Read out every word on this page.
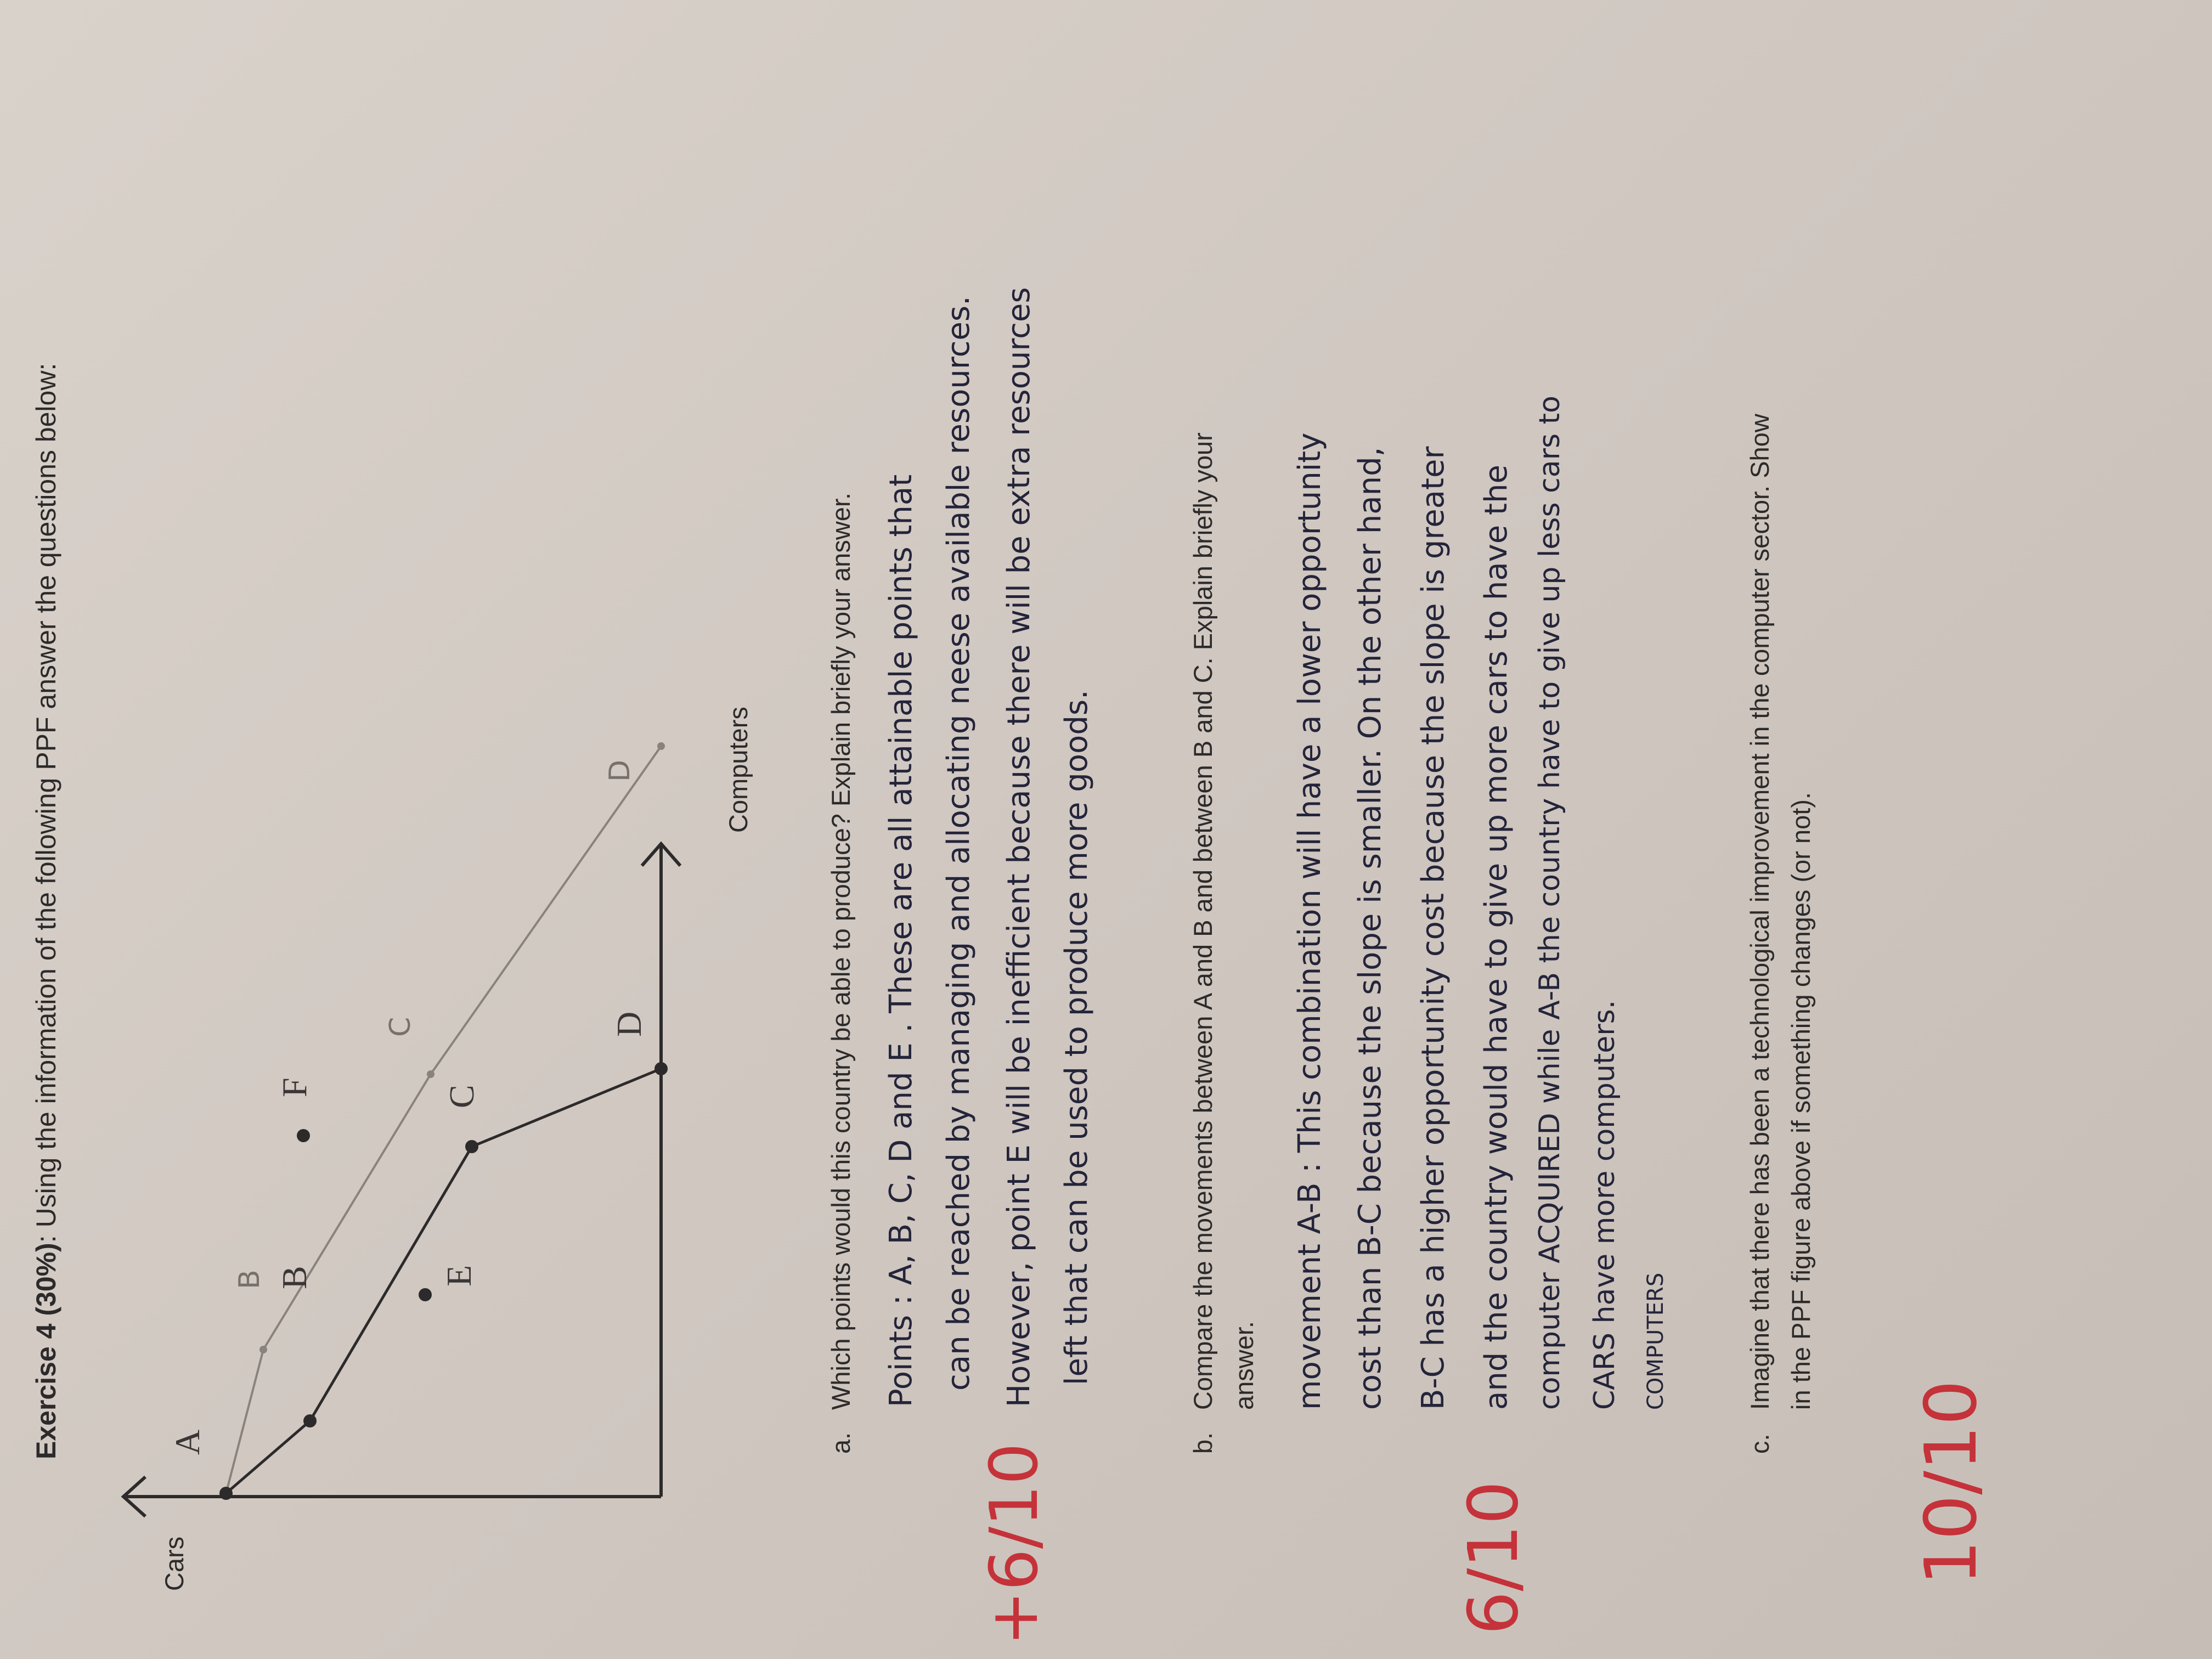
Exercise 4 (30%): Using the information of the following PPF answer the questions below:
Cars
Computers
A
B	E
F	C
D
B
C
D
a.
Which points would this country be able to produce? Explain briefly your answer. Points : A, B, C, D and E . These are all attainable points that can be reached by managing and allocating neese available resources. However, point E will be inefficient because there will be extra resources left that can be used to produce more goods.
+6/10	b.
Compare the movements between A and B and between B and C. Explain briefly your answer. movement A-B : This combination will have a lower opportunity cost than B-C because the slope is smaller. On the other hand, B-C has a higher opportunity cost because the slope is greater and the country would have to give up more cars to have the computer ACQUIRED while A-B the country have to give up less cars to CARS have more computers. COMPUTERS
6/10
c.
Imagine that there has been a technological improvement in the computer sector. Show in the PPF figure above if something changes (or not).
10/10
